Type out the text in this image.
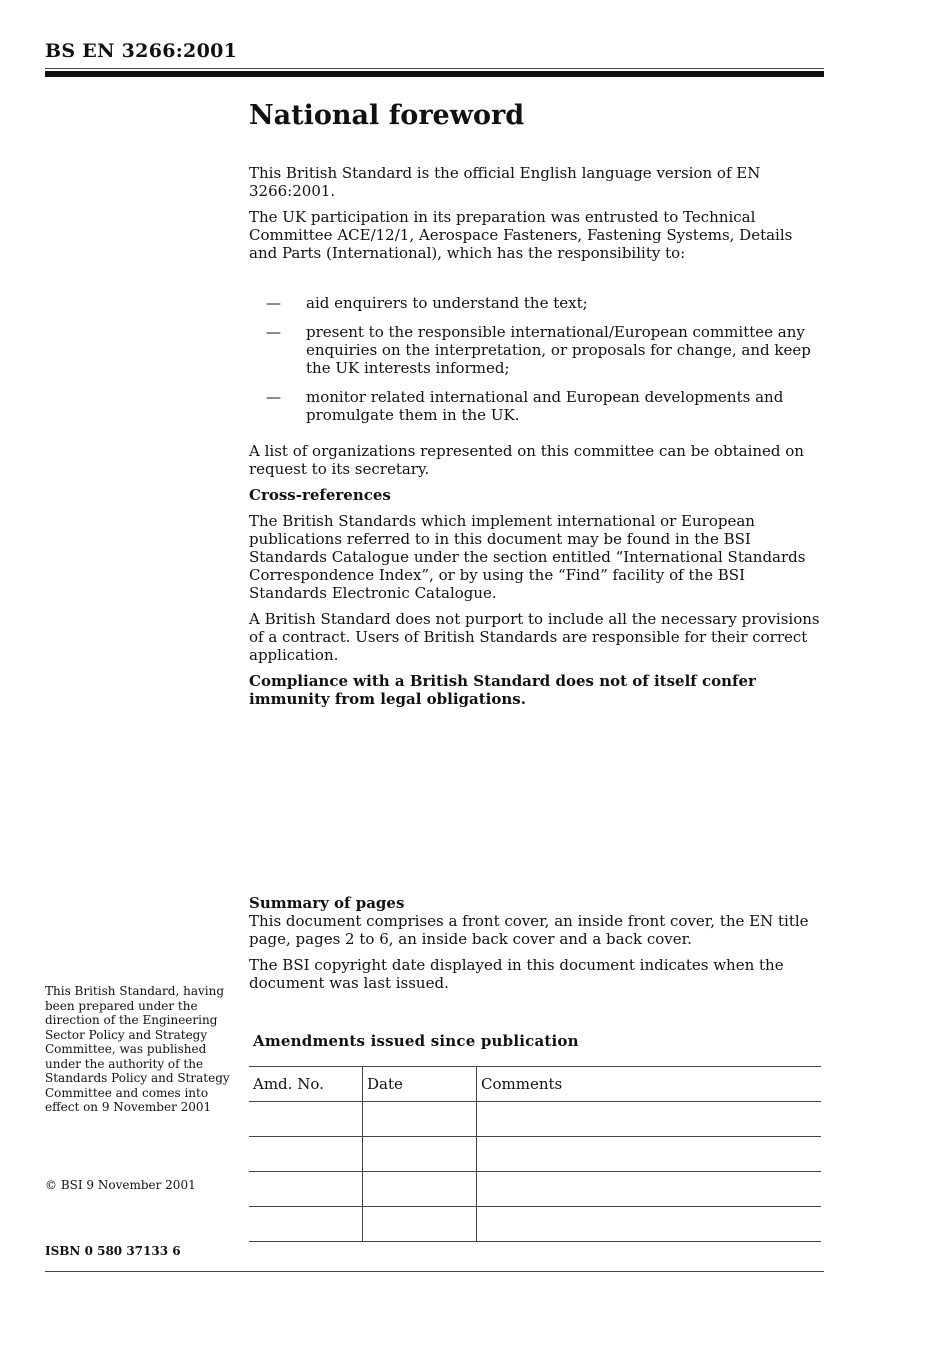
BS EN 3266:2001
National foreword

This British Standard is the official English language version of EN 3266:2001.

The UK participation in its preparation was entrusted to Technical Committee ACE/12/1, Aerospace Fasteners, Fastening Systems, Details and Parts (International), which has the responsibility to:

— aid enquirers to understand the text;
— present to the responsible international/European committee any enquiries on the interpretation, or proposals for change, and keep the UK interests informed;
— monitor related international and European developments and promulgate them in the UK.

A list of organizations represented on this committee can be obtained on request to its secretary.

Cross-references

The British Standards which implement international or European publications referred to in this document may be found in the BSI Standards Catalogue under the section entitled “International Standards Correspondence Index”, or by using the “Find” facility of the BSI Standards Electronic Catalogue.

A British Standard does not purport to include all the necessary provisions of a contract. Users of British Standards are responsible for their correct application.

Compliance with a British Standard does not of itself confer immunity from legal obligations.

Summary of pages

This document comprises a front cover, an inside front cover, the EN title page, pages 2 to 6, an inside back cover and a back cover.

The BSI copyright date displayed in this document indicates when the document was last issued.

This British Standard, having been prepared under the direction of the Engineering Sector Policy and Strategy Committee, was published under the authority of the Standards Policy and Strategy Committee and comes into effect on 9 November 2001
© BSI 9 November 2001
ISBN 0 580 37133 6
Amendments issued since publication
Amd. No.	Date	Comments
